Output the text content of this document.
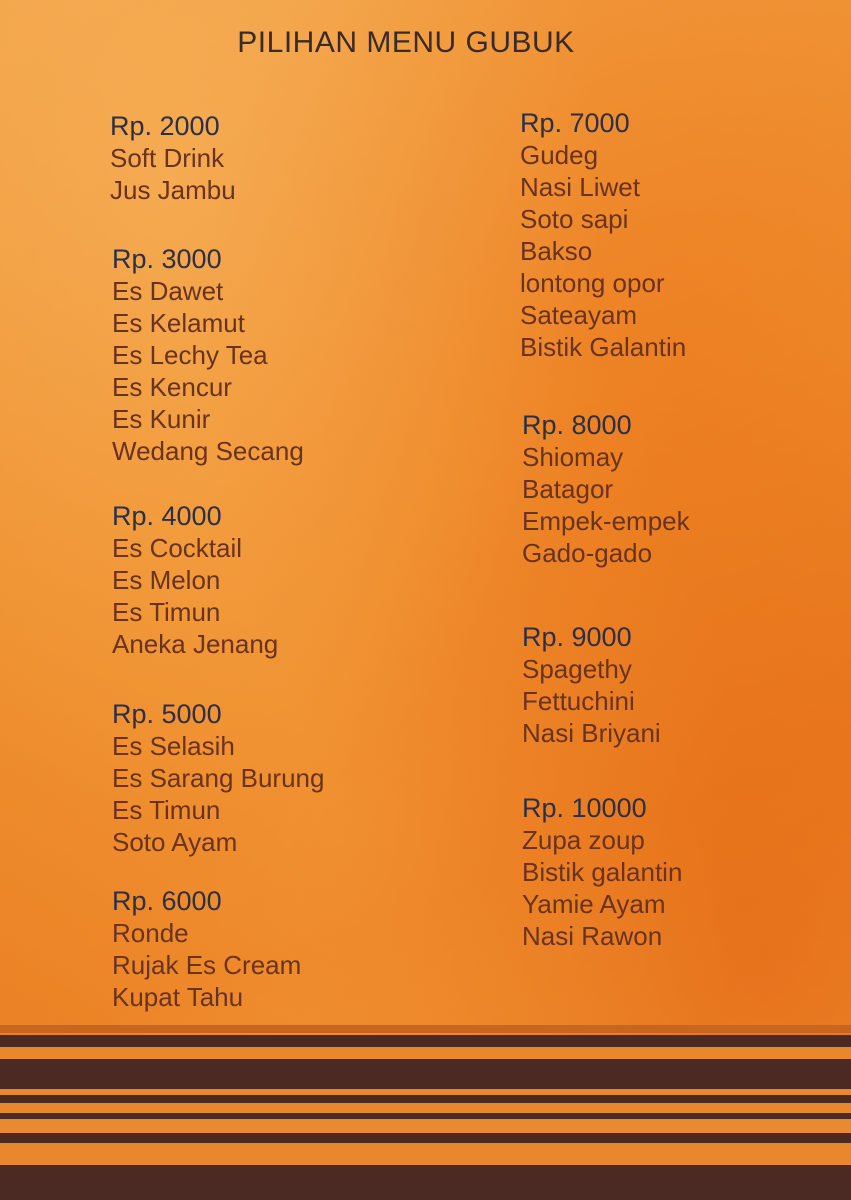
PILIHAN MENU GUBUK
Rp. 2000
Soft Drink
Jus Jambu
Rp. 3000
Es Dawet
Es Kelamut
Es Lechy Tea
Es Kencur
Es Kunir
Wedang Secang
Rp. 4000
Es Cocktail
Es Melon
Es Timun
Aneka Jenang
Rp. 5000
Es Selasih
Es Sarang Burung
Es Timun
Soto Ayam
Rp. 6000
Ronde
Rujak Es Cream
Kupat Tahu
Rp. 7000
Gudeg
Nasi Liwet
Soto sapi
Bakso
lontong opor
Sateayam
Bistik Galantin
Rp. 8000
Shiomay
Batagor
Empek-empek
Gado-gado
Rp. 9000
Spagethy
Fettuchini
Nasi Briyani
Rp. 10000
Zupa zoup
Bistik galantin
Yamie Ayam
Nasi Rawon
